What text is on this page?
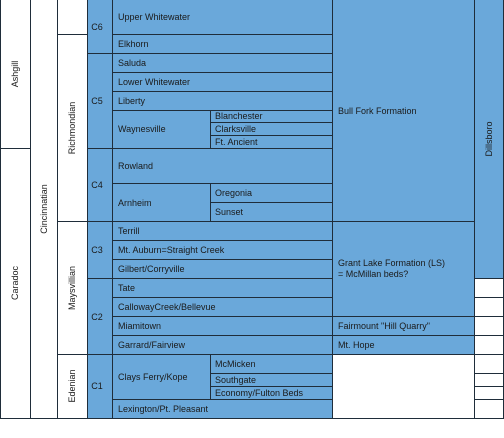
Ashgill
Caradoc
Cincinnatian
Richmondian
Maysvillian
Edenian
Dillsboro
C6
C5
C4
C3
C2
C1
Upper Whitewater
Elkhorn
Saluda
Lower Whitewater
Liberty
Waynesville
Rowland
Arnheim
Terrill
Mt. Auburn=Straight Creek
Gilbert/Corryville
Tate
CallowayCreek/Bellevue
Miamitown
Garrard/Fairview
Clays Ferry/Kope
Lexington/Pt. Pleasant
Blanchester
Clarksville
Ft. Ancient
Oregonia
Sunset
McMicken
Southgate
Economy/Fulton Beds
Bull Fork Formation
Grant Lake Formation (LS)
= McMillan beds?
Fairmount "Hill Quarry"
Mt. Hope
